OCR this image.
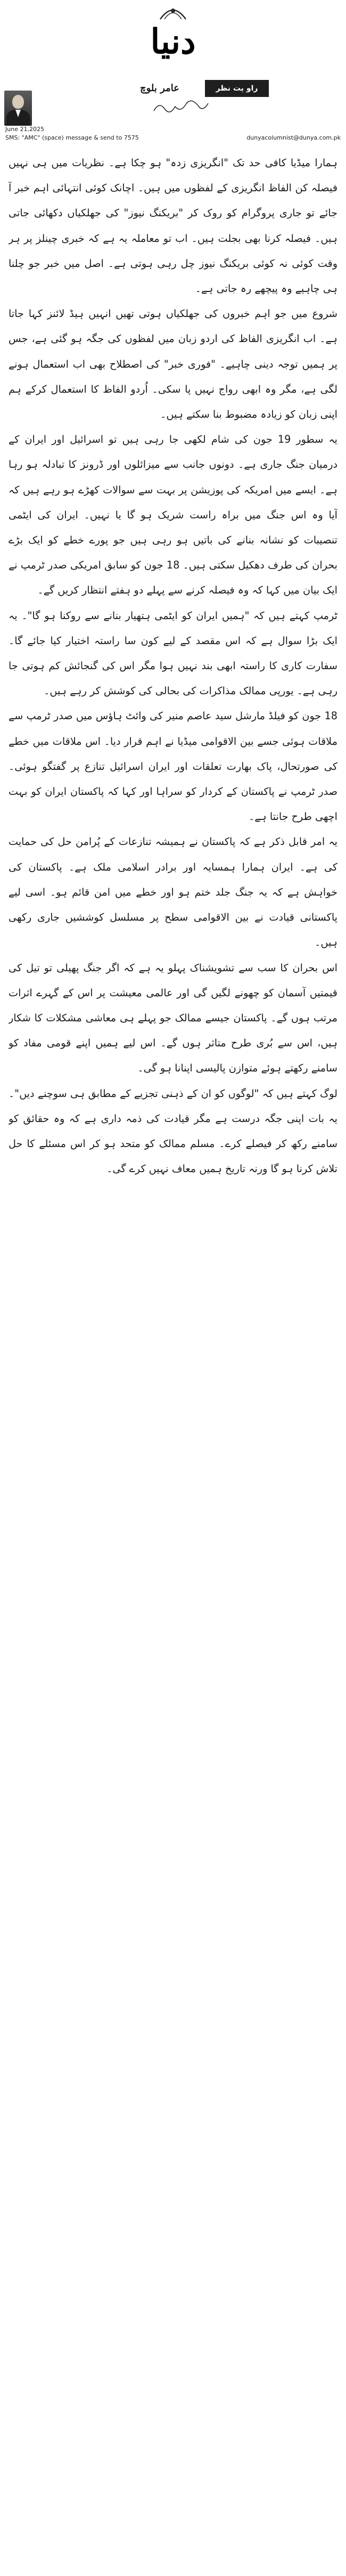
دنیا
راو یت نظر
عامر بلوچ
June 21,2025
SMS: "AMC" (space) message & send to 7575	dunyacolumnist@dunya.com.pk

ہمارا میڈیا کافی حد تک "انگریزی زدہ" ہو چکا ہے۔ نظریات میں ہی نہیں فیصلہ کن الفاظ انگریزی کے لفظوں میں ہیں۔ اچانک کوئی انتہائی اہم خبر آ جائے تو جاری پروگرام کو روک کر "بریکنگ نیوز" کی جھلکیاں دکھائی جاتی ہیں۔ فیصلہ کرنا بھی بجلت ہیں۔ اب تو معاملہ یہ ہے کہ خبری چینلز پر ہر وقت کوئی نہ کوئی بریکنگ نیوز چل رہی ہوتی ہے۔ اصل میں خبر جو چلنا ہی چاہیے وہ پیچھے رہ جاتی ہے۔

شروع میں جو اہم خبروں کی جھلکیاں ہوتی تھیں انہیں ہیڈ لائنز کہا جاتا ہے۔ اب انگریزی الفاظ کی اردو زبان میں لفظوں کی جگہ ہو گئی ہے، جس پر ہمیں توجہ دینی چاہیے۔ "فوری خبر" کی اصطلاح بھی اب استعمال ہونے لگی ہے، مگر وہ ابھی رواج نہیں پا سکی۔ اُردو الفاظ کا استعمال کرکے ہم اپنی زبان کو زیادہ مضبوط بنا سکتے ہیں۔

یہ سطور 19 جون کی شام لکھی جا رہی ہیں تو اسرائیل اور ایران کے درمیان جنگ جاری ہے۔ دونوں جانب سے میزائلوں اور ڈرونز کا تبادلہ ہو رہا ہے۔ ایسے میں امریکہ کی پوزیشن پر بہت سے سوالات کھڑے ہو رہے ہیں کہ آیا وہ اس جنگ میں براہ راست شریک ہو گا یا نہیں۔ ایران کی ایٹمی تنصیبات کو نشانہ بنانے کی باتیں ہو رہی ہیں جو پورے خطے کو ایک بڑے بحران کی طرف دھکیل سکتی ہیں۔ 18 جون کو سابق امریکی صدر ٹرمپ نے ایک بیان میں کہا کہ وہ فیصلہ کرنے سے پہلے دو ہفتے انتظار کریں گے۔

ٹرمپ کہتے ہیں کہ "ہمیں ایران کو ایٹمی ہتھیار بنانے سے روکنا ہو گا"۔ یہ ایک بڑا سوال ہے کہ اس مقصد کے لیے کون سا راستہ اختیار کیا جائے گا۔ سفارت کاری کا راستہ ابھی بند نہیں ہوا مگر اس کی گنجائش کم ہوتی جا رہی ہے۔ یورپی ممالک مذاکرات کی بحالی کی کوشش کر رہے ہیں۔

18 جون کو فیلڈ مارشل سید عاصم منیر کی وائٹ ہاؤس میں صدر ٹرمپ سے ملاقات ہوئی جسے بین الاقوامی میڈیا نے اہم قرار دیا۔ اس ملاقات میں خطے کی صورتحال، پاک بھارت تعلقات اور ایران اسرائیل تنازع پر گفتگو ہوئی۔ صدر ٹرمپ نے پاکستان کے کردار کو سراہا اور کہا کہ پاکستان ایران کو بہت اچھی طرح جانتا ہے۔

یہ امر قابل ذکر ہے کہ پاکستان نے ہمیشہ تنازعات کے پُرامن حل کی حمایت کی ہے۔ ایران ہمارا ہمسایہ اور برادر اسلامی ملک ہے۔ پاکستان کی خواہش ہے کہ یہ جنگ جلد ختم ہو اور خطے میں امن قائم ہو۔ اسی لیے پاکستانی قیادت نے بین الاقوامی سطح پر مسلسل کوششیں جاری رکھی ہیں۔

اس بحران کا سب سے تشویشناک پہلو یہ ہے کہ اگر جنگ پھیلی تو تیل کی قیمتیں آسمان کو چھونے لگیں گی اور عالمی معیشت پر اس کے گہرے اثرات مرتب ہوں گے۔ پاکستان جیسے ممالک جو پہلے ہی معاشی مشکلات کا شکار ہیں، اس سے بُری طرح متاثر ہوں گے۔ اس لیے ہمیں اپنے قومی مفاد کو سامنے رکھتے ہوئے متوازن پالیسی اپنانا ہو گی۔

لوگ کہتے ہیں کہ "لوگوں کو ان کے ذہنی تجزیے کے مطابق ہی سوچنے دیں"۔ یہ بات اپنی جگہ درست ہے مگر قیادت کی ذمہ داری ہے کہ وہ حقائق کو سامنے رکھ کر فیصلے کرے۔ مسلم ممالک کو متحد ہو کر اس مسئلے کا حل تلاش کرنا ہو گا ورنہ تاریخ ہمیں معاف نہیں کرے گی۔
